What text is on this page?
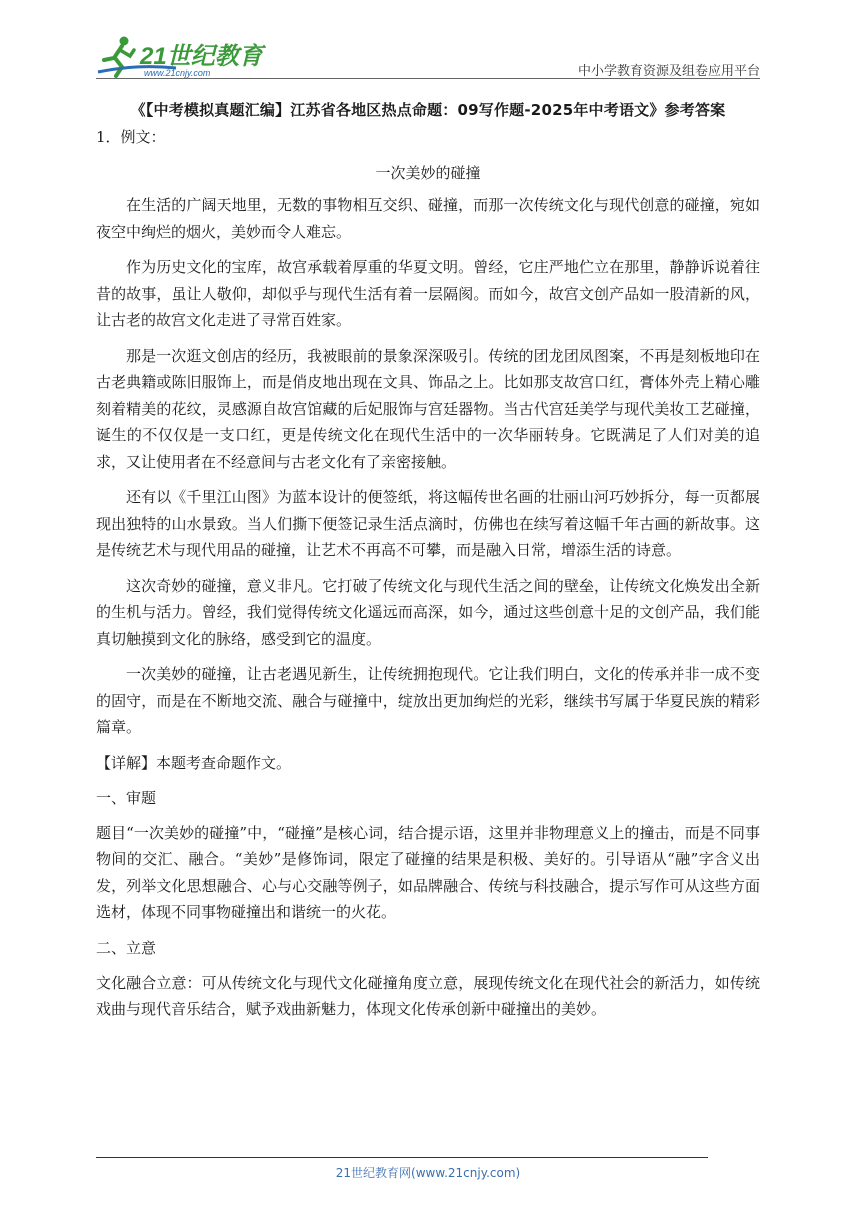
21世纪教育
www.21cnjy.com	中小学教育资源及组卷应用平台
《【中考模拟真题汇编】江苏省各地区热点命题：09写作题-2025年中考语文》参考答案
1．例文：
一次美妙的碰撞

在生活的广阔天地里，无数的事物相互交织、碰撞，而那一次传统文化与现代创意的碰撞，宛如夜空中绚烂的烟火，美妙而令人难忘。

作为历史文化的宝库，故宫承载着厚重的华夏文明。曾经，它庄严地伫立在那里，静静诉说着往昔的故事，虽让人敬仰，却似乎与现代生活有着一层隔阂。而如今，故宫文创产品如一股清新的风，让古老的故宫文化走进了寻常百姓家。

那是一次逛文创店的经历，我被眼前的景象深深吸引。传统的团龙团凤图案，不再是刻板地印在古老典籍或陈旧服饰上，而是俏皮地出现在文具、饰品之上。比如那支故宫口红，膏体外壳上精心雕刻着精美的花纹，灵感源自故宫馆藏的后妃服饰与宫廷器物。当古代宫廷美学与现代美妆工艺碰撞，诞生的不仅仅是一支口红，更是传统文化在现代生活中的一次华丽转身。它既满足了人们对美的追求，又让使用者在不经意间与古老文化有了亲密接触。

还有以《千里江山图》为蓝本设计的便签纸，将这幅传世名画的壮丽山河巧妙拆分，每一页都展现出独特的山水景致。当人们撕下便签记录生活点滴时，仿佛也在续写着这幅千年古画的新故事。这是传统艺术与现代用品的碰撞，让艺术不再高不可攀，而是融入日常，增添生活的诗意。

这次奇妙的碰撞，意义非凡。它打破了传统文化与现代生活之间的壁垒，让传统文化焕发出全新的生机与活力。曾经，我们觉得传统文化遥远而高深，如今，通过这些创意十足的文创产品，我们能真切触摸到文化的脉络，感受到它的温度。

一次美妙的碰撞，让古老遇见新生，让传统拥抱现代。它让我们明白，文化的传承并非一成不变的固守，而是在不断地交流、融合与碰撞中，绽放出更加绚烂的光彩，继续书写属于华夏民族的精彩篇章。

【详解】本题考查命题作文。
一、审题

题目“一次美妙的碰撞”中，“碰撞”是核心词，结合提示语，这里并非物理意义上的撞击，而是不同事物间的交汇、融合。“美妙”是修饰词，限定了碰撞的结果是积极、美好的。引导语从“融”字含义出发，列举文化思想融合、心与心交融等例子，如品牌融合、传统与科技融合，提示写作可从这些方面选材，体现不同事物碰撞出和谐统一的火花。

二、立意

文化融合立意：可从传统文化与现代文化碰撞角度立意，展现传统文化在现代社会的新活力，如传统戏曲与现代音乐结合，赋予戏曲新魅力，体现文化传承创新中碰撞出的美妙。

21世纪教育网(www.21cnjy.com)
